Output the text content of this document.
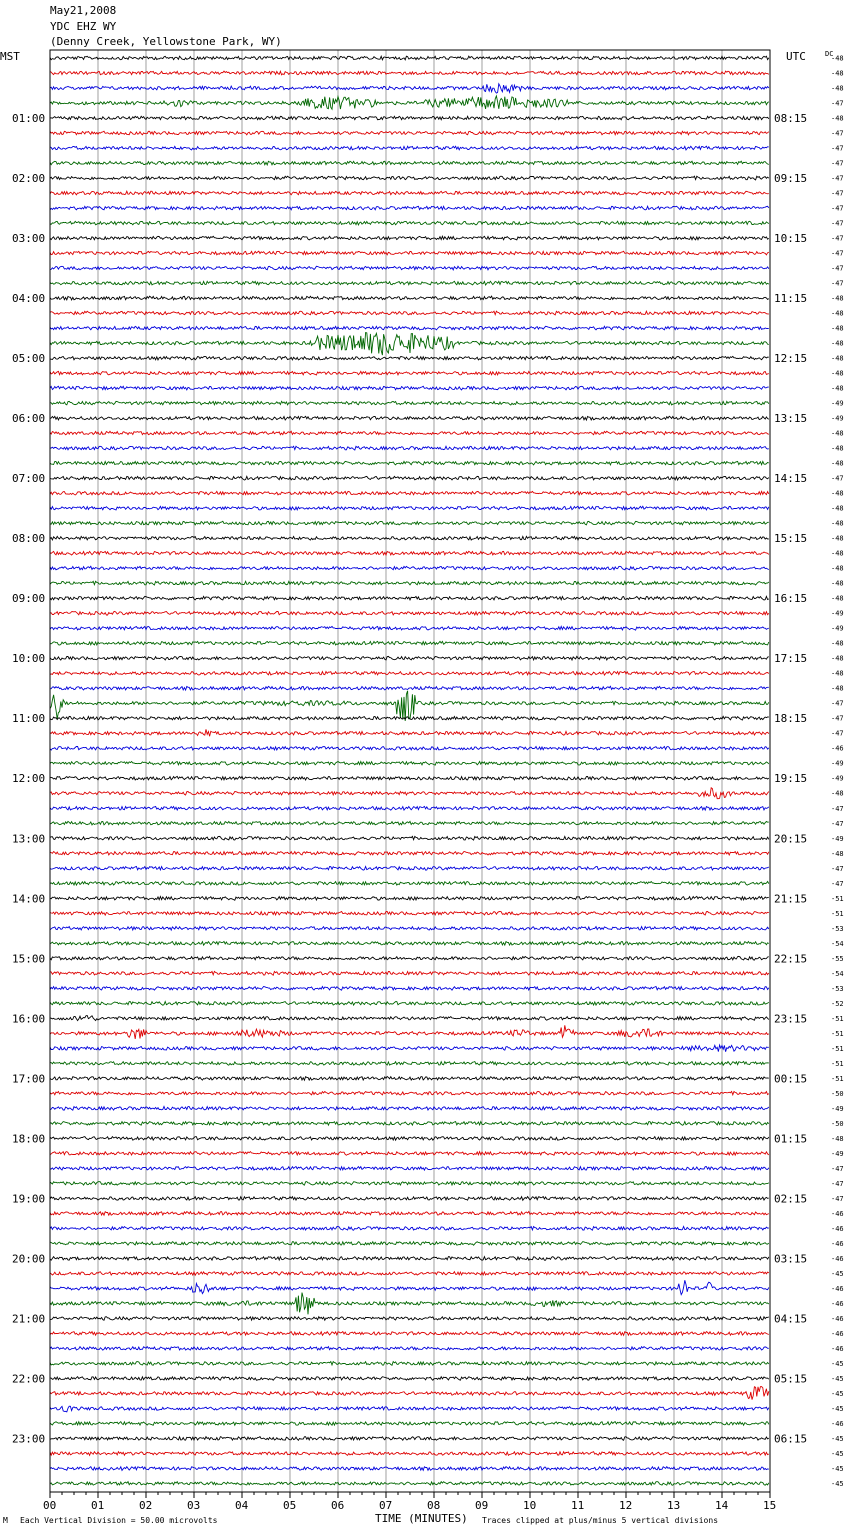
May21,2008
YDC EHZ WY
(Denny Creek, Yellowstone Park, WY)
MST	UTC
01:00
02:00
03:00
04:00
05:00
06:00
07:00
08:00
09:00
10:00
11:00
12:00
13:00
14:00
15:00
16:00
17:00
18:00
19:00
20:00
21:00
22:00
23:00
08:15
09:15
10:15
11:15
12:15
13:15
14:15
15:15
16:15
17:15
18:15
19:15
20:15
21:15
22:15
23:15
00:15
01:15
02:15
03:15
04:15
05:15
06:15
DC
-48
-48
-48
-47
-48
-47
-47
-47
-47
-47
-47
-47
-47
-47
-47
-47
-48
-48
-48
-48
-48
-48
-48
-49
-49
-48
-48
-48
-47
-48
-48
-48
-48
-48
-48
-48
-48
-49
-49
-48
-48
-48
-48
-47
-47
-47
-46
-49
-49
-48
-47
-47
-49
-48
-47
-47
-51
-51
-53
-54
-55
-54
-53
-52
-51
-51
-51
-51
-51
-50
-49
-50
-48
-49
-47
-47
-47
-46
-46
-46
-46
-45
-46
-46
-46
-46
-46
-45
-45
-45
-45
-46
-45
-45
-45
-45
00	01	02	03	04	05	06	07	08	09	10	11	12	13	14	15
TIME (MINUTES)
M Each Vertical Division = 50.00 microvolts	Traces clipped at plus/minus 5 vertical divisions
